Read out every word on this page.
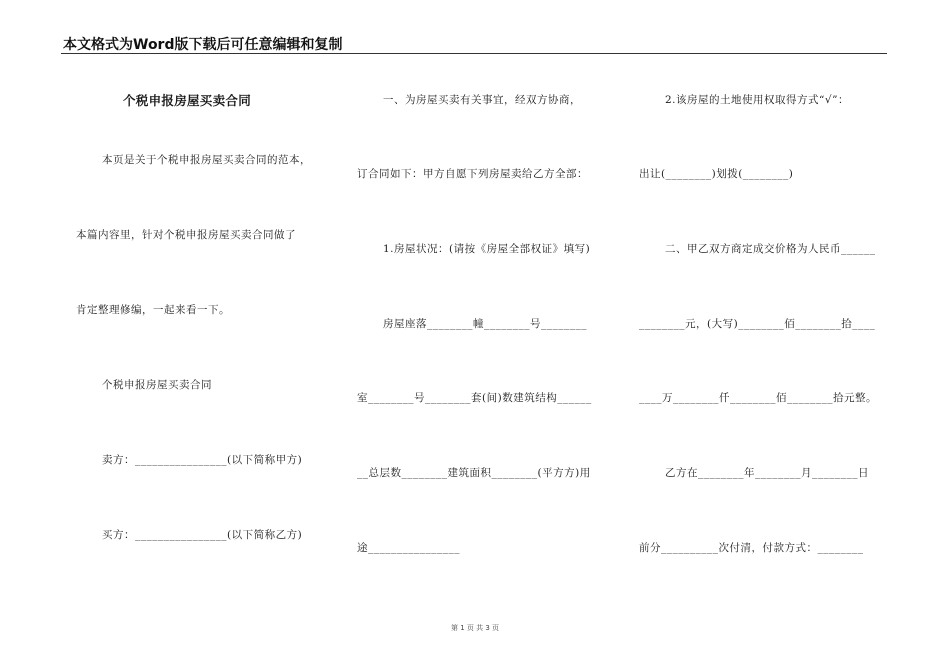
本文格式为Word版下载后可任意编辑和复制
个税申报房屋买卖合同
本页是关于个税申报房屋买卖合同的范本，
本篇内容里，针对个税申报房屋买卖合同做了
肯定整理修编，一起来看一下。
个税申报房屋买卖合同
卖方：________________(以下简称甲方)
买方：________________(以下简称乙方)
一、为房屋买卖有关事宜，经双方协商，
订合同如下：甲方自愿下列房屋卖给乙方全部：
1.房屋状况：(请按《房屋全部权证》填写)
房屋座落________幢________号________
室________号________套(间)数建筑结构______
__总层数________建筑面积________(平方方)用
途________________
2.该房屋的土地使用权取得方式“√”：
出让(________)划拨(________)
二、甲乙双方商定成交价格为人民币______
________元，(大写)________佰________拾____
____万________仟________佰________拾元整。
乙方在________年________月________日
前分__________次付清，付款方式：________
第 1 页 共 3 页
